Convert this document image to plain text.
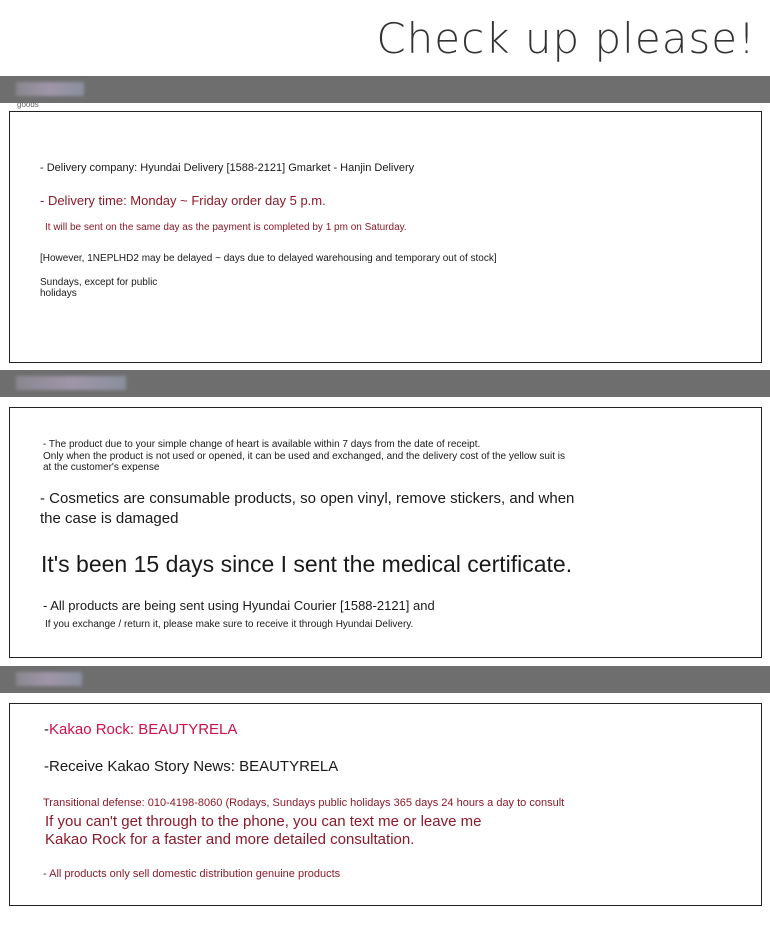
Check up please!
goods
- Delivery company: Hyundai Delivery [1588-2121] Gmarket - Hanjin Delivery
- Delivery time: Monday ~ Friday order day 5 p.m.
It will be sent on the same day as the payment is completed by 1 pm on Saturday.
[However, 1NEPLHD2 may be delayed ~ days due to delayed warehousing and temporary out of stock]
Sundays, except for public holidays
- The product due to your simple change of heart is available within 7 days from the date of receipt.
Only when the product is not used or opened, it can be used and exchanged, and the delivery cost of the yellow suit is at the customer's expense
- Cosmetics are consumable products, so open vinyl, remove stickers, and when the case is damaged
It's been 15 days since I sent the medical certificate.
- All products are being sent using Hyundai Courier [1588-2121] and
If you exchange / return it, please make sure to receive it through Hyundai Delivery.
-Kakao Rock: BEAUTYRELA
-Receive Kakao Story News: BEAUTYRELA
Transitional defense: 010-4198-8060 (Rodays, Sundays public holidays 365 days 24 hours a day to consult
If you can't get through to the phone, you can text me or leave me
Kakao Rock for a faster and more detailed consultation.
- All products only sell domestic distribution genuine products
